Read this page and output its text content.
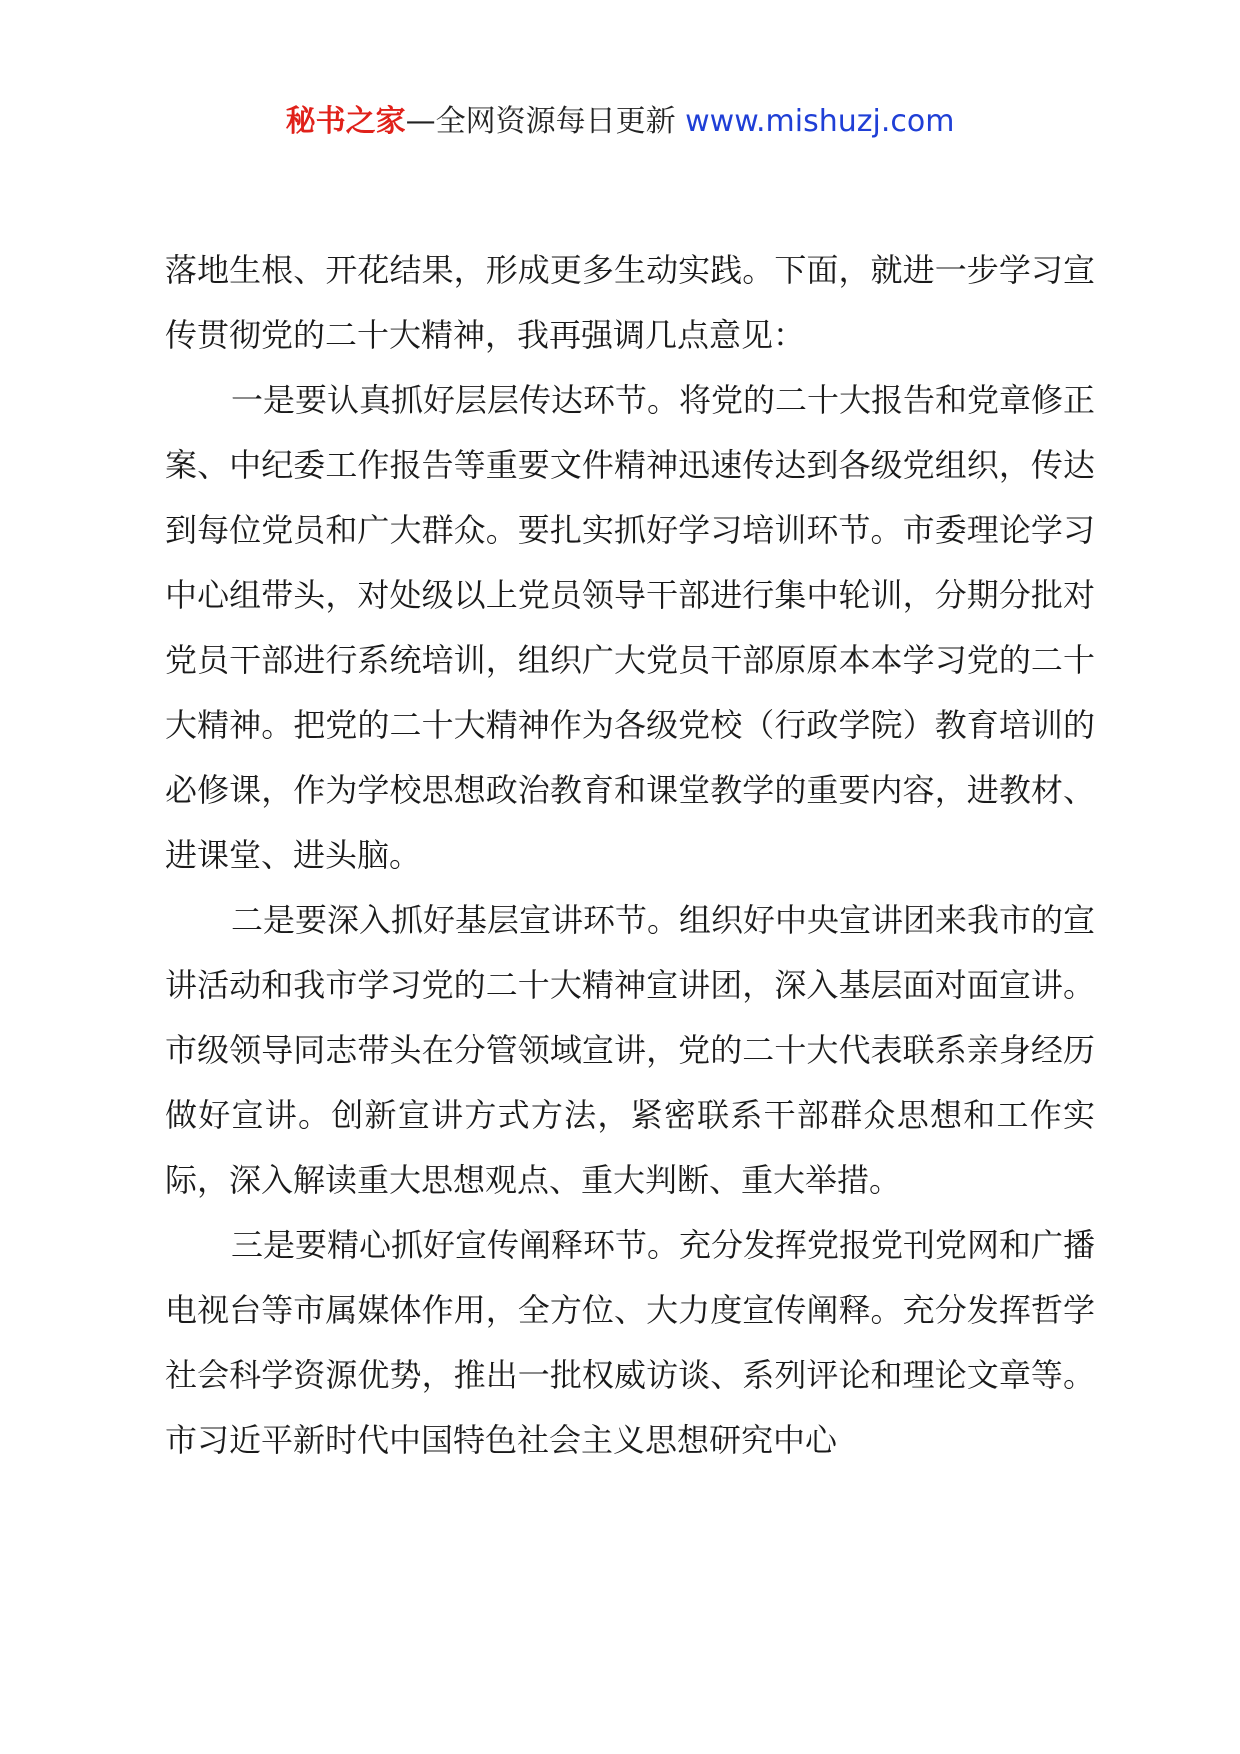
秘书之家—全网资源每日更新 www.mishuzj.com

落地生根、开花结果，形成更多生动实践。下面，就进一步学习宣传贯彻党的二十大精神，我再强调几点意见：

一是要认真抓好层层传达环节。将党的二十大报告和党章修正案、中纪委工作报告等重要文件精神迅速传达到各级党组织，传达到每位党员和广大群众。要扎实抓好学习培训环节。市委理论学习中心组带头，对处级以上党员领导干部进行集中轮训，分期分批对党员干部进行系统培训，组织广大党员干部原原本本学习党的二十大精神。把党的二十大精神作为各级党校（行政学院）教育培训的必修课，作为学校思想政治教育和课堂教学的重要内容，进教材、进课堂、进头脑。

二是要深入抓好基层宣讲环节。组织好中央宣讲团来我市的宣讲活动和我市学习党的二十大精神宣讲团，深入基层面对面宣讲。市级领导同志带头在分管领域宣讲，党的二十大代表联系亲身经历做好宣讲。创新宣讲方式方法，紧密联系干部群众思想和工作实际，深入解读重大思想观点、重大判断、重大举措。

三是要精心抓好宣传阐释环节。充分发挥党报党刊党网和广播电视台等市属媒体作用，全方位、大力度宣传阐释。充分发挥哲学社会科学资源优势，推出一批权威访谈、系列评论和理论文章等。市习近平新时代中国特色社会主义思想研究中心
